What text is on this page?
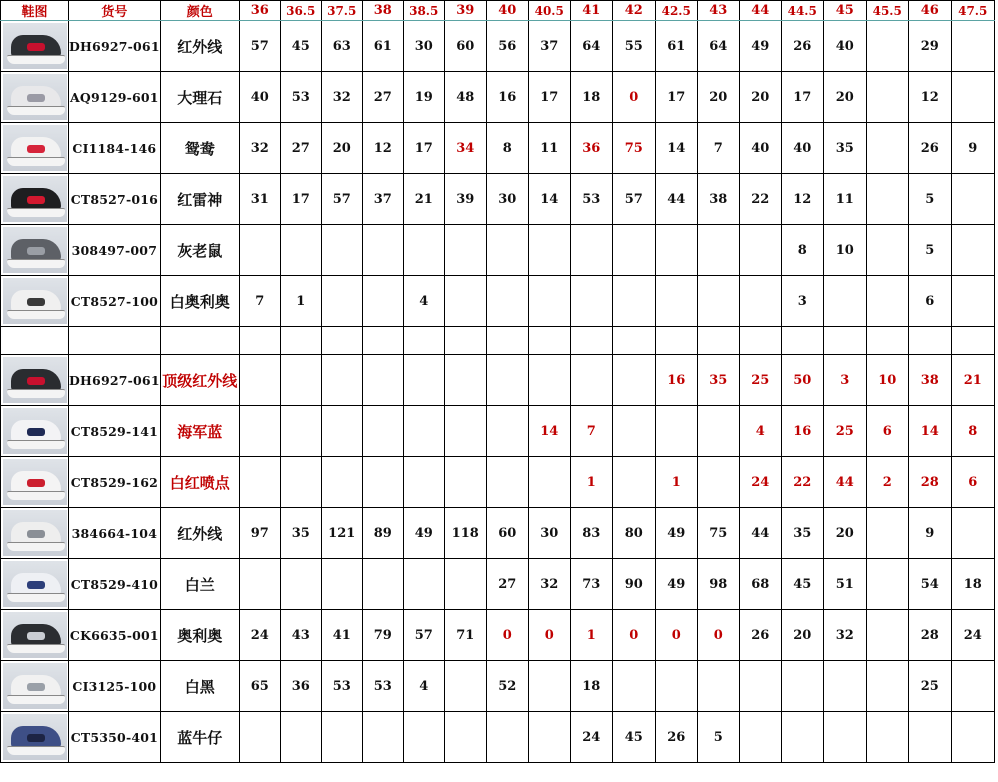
鞋图	货号	颜色	36	36.5	37.5	38	38.5	39	40	40.5	41	42	42.5	43	44	44.5	45	45.5	46	47.5

	DH6927-061	红外线	57	45	63	61	30	60	56	37	64	55	61	64	49	26	40		29	

	AQ9129-601	大理石	40	53	32	27	19	48	16	17	18	0	17	20	20	17	20		12	

	CI1184-146	鸳鸯	32	27	20	12	17	34	8	11	36	75	14	7	40	40	35		26	9

	CT8527-016	红雷神	31	17	57	37	21	39	30	14	53	57	44	38	22	12	11		5	

	308497-007	灰老鼠														8	10		5	

	CT8527-100	白奥利奥	7	1			4									3			6	

	DH6927-061	顶级红外线											16	35	25	50	3	10	38	21

	CT8529-141	海军蓝								14	7				4	16	25	6	14	8

	CT8529-162	白红喷点									1		1		24	22	44	2	28	6

	384664-104	红外线	97	35	121	89	49	118	60	30	83	80	49	75	44	35	20		9	

	CT8529-410	白兰							27	32	73	90	49	98	68	45	51		54	18

	CK6635-001	奥利奥	24	43	41	79	57	71	0	0	1	0	0	0	26	20	32		28	24

	CI3125-100	白黑	65	36	53	53	4		52		18								25	

	CT5350-401	蓝牛仔									24	45	26	5						
